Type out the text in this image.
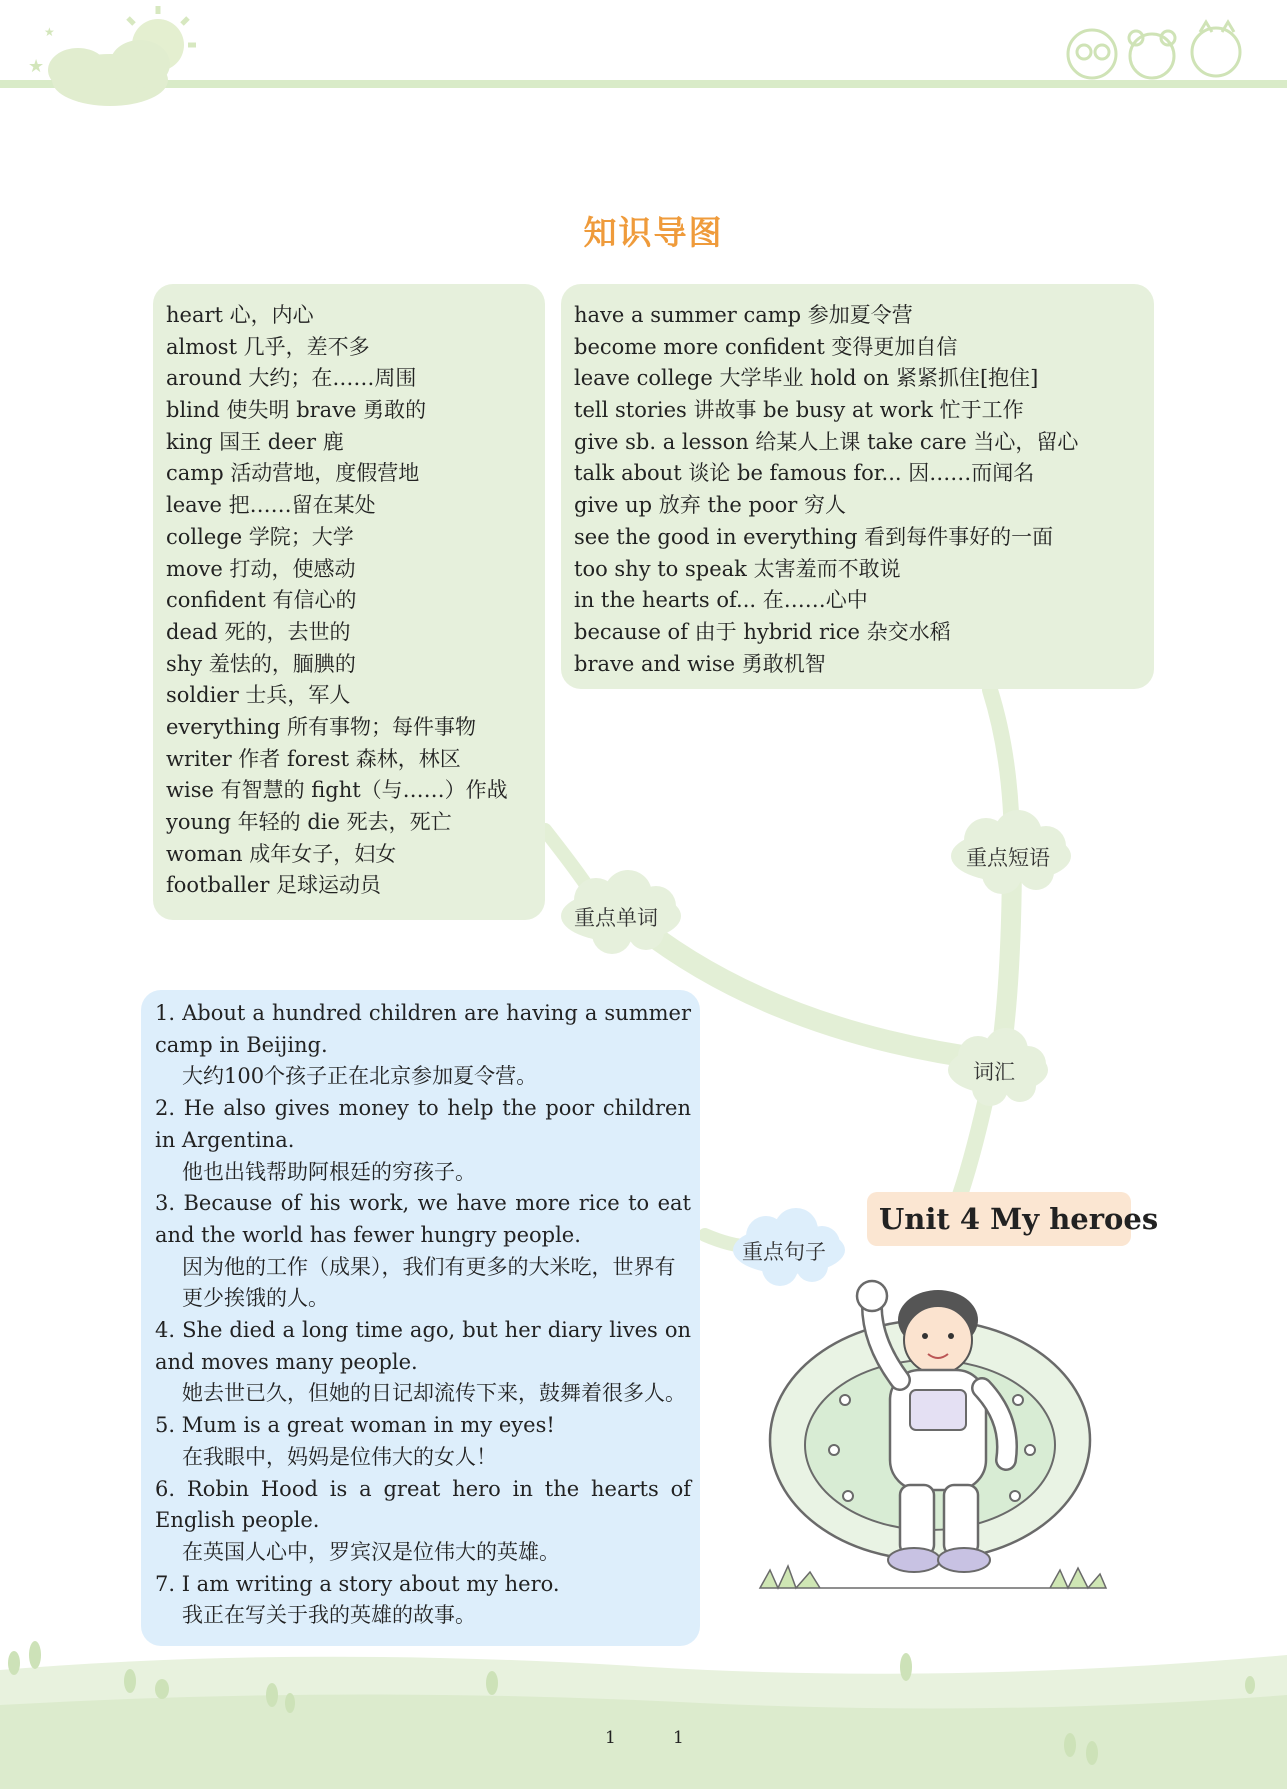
★
★
知识导图
重点单词
重点短语
词汇
重点句子
heart 心，内心
almost 几乎，差不多
around 大约；在……周围
blind 使失明 brave 勇敢的
king 国王 deer 鹿
camp 活动营地，度假营地
leave 把……留在某处
college 学院；大学
move 打动，使感动
confident 有信心的
dead 死的，去世的
shy 羞怯的，腼腆的
soldier 士兵，军人
everything 所有事物；每件事物
writer 作者 forest 森林，林区
wise 有智慧的 fight（与……）作战
young 年轻的 die 死去，死亡
woman 成年女子，妇女
footballer 足球运动员
have a summer camp 参加夏令营
become more confident 变得更加自信
leave college 大学毕业 hold on 紧紧抓住[抱住]
tell stories 讲故事 be busy at work 忙于工作
give sb. a lesson 给某人上课 take care 当心，留心
talk about 谈论 be famous for... 因……而闻名
give up 放弃 the poor 穷人
see the good in everything 看到每件事好的一面
too shy to speak 太害羞而不敢说
in the hearts of... 在……心中
because of 由于 hybrid rice 杂交水稻
brave and wise 勇敢机智
1. About a hundred children are having a summer camp in Beijing.
大约100个孩子正在北京参加夏令营。
2. He also gives money to help the poor children in Argentina.
他也出钱帮助阿根廷的穷孩子。
3. Because of his work, we have more rice to eat and the world has fewer hungry people.
因为他的工作（成果），我们有更多的大米吃，世界有更少挨饿的人。
4. She died a long time ago, but her diary lives on and moves many people.
她去世已久，但她的日记却流传下来，鼓舞着很多人。
5. Mum is a great woman in my eyes!
在我眼中，妈妈是位伟大的女人！
6. Robin Hood is a great hero in the hearts of English people.
在英国人心中，罗宾汉是位伟大的英雄。
7. I am writing a story about my hero.
我正在写关于我的英雄的故事。
Unit 4 My heroes
1	1
